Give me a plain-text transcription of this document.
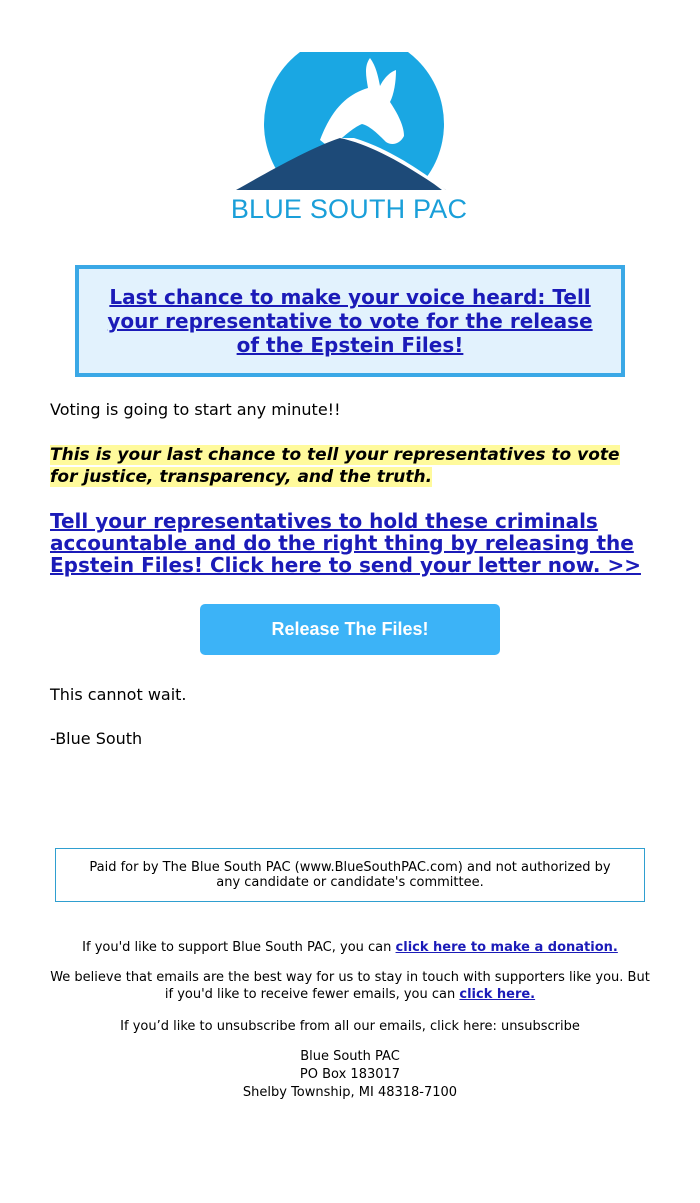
BLUE SOUTH PAC
Last chance to make your voice heard: Tell your representative to vote for the release of the Epstein Files!
Voting is going to start any minute!!
This is your last chance to tell your representatives to vote for justice, transparency, and the truth.
Tell your representatives to hold these criminals accountable and do the right thing by releasing the Epstein Files! Click here to send your letter now. >>
Release The Files!
This cannot wait.
-Blue South
Paid for by The Blue South PAC (www.BlueSouthPAC.com) and not authorized by any candidate or candidate's committee.
If you'd like to support Blue South PAC, you can click here to make a donation.
We believe that emails are the best way for us to stay in touch with supporters like you. But if you'd like to receive fewer emails, you can click here.
If you’d like to unsubscribe from all our emails, click here: unsubscribe
Blue South PAC
PO Box 183017
Shelby Township, MI 48318-7100
